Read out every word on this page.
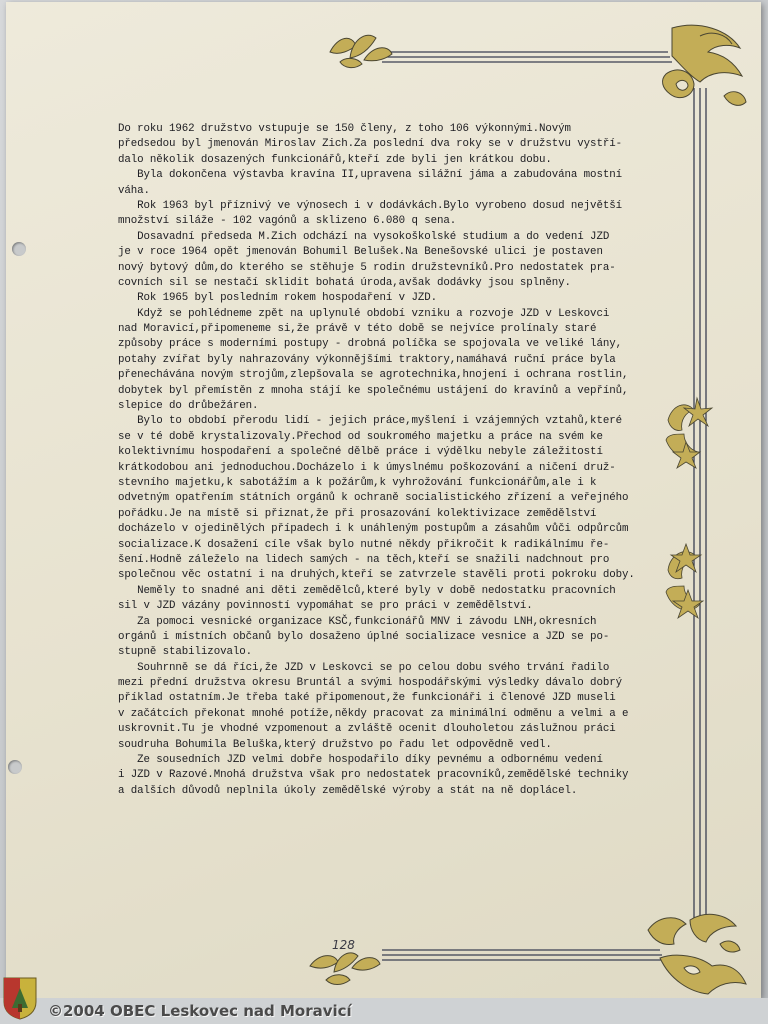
Do roku 1962 družstvo vstupuje se 150 členy, z toho 106 výkonnými.Novým
předsedou byl jmenován Miroslav Zich.Za poslední dva roky se v družstvu vystří-
dalo několik dosazených funkcionářů,kteří zde byli jen krátkou dobu.
Byla dokončena výstavba kravína II,upravena silážní jáma a zabudována mostní
váha.
Rok 1963 byl příznivý ve výnosech i v dodávkách.Bylo vyrobeno dosud největší
množství siláže - 102 vagónů a sklizeno 6.080 q sena.
Dosavadní předseda M.Zich odchází na vysokoškolské studium a do vedení JZD
je v roce 1964 opět jmenován Bohumil Belušek.Na Benešovské ulici je postaven
nový bytový dům,do kterého se stěhuje 5 rodin družstevníků.Pro nedostatek pra-
covních sil se nestačí sklidit bohatá úroda,avšak dodávky jsou splněny.
Rok 1965 byl posledním rokem hospodaření v JZD.
Když se pohlédneme zpět na uplynulé období vzniku a rozvoje JZD v Leskovci
nad Moravicí,připomeneme si,že právě v této době se nejvíce prolínaly staré
způsoby práce s moderními postupy - drobná políčka se spojovala ve veliké lány,
potahy zvířat byly nahrazovány výkonnějšími traktory,namáhavá ruční práce byla
přenechávána novým strojům,zlepšovala se agrotechnika,hnojení i ochrana rostlin,
dobytek byl přemístěn z mnoha stájí ke společnému ustájení do kravínů a vepřínů,
slepice do drůbežáren.
Bylo to období přerodu lidí - jejich práce,myšlení i vzájemných vztahů,které
se v té době krystalizovaly.Přechod od soukromého majetku a práce na svém ke
kolektivnímu hospodaření a společné dělbě práce i výdělku nebyle záležitostí
krátkodobou ani jednoduchou.Docházelo i k úmyslnému poškozování a ničení druž-
stevního majetku,k sabotážím a k požárům,k vyhrožování funkcionářům,ale i k
odvetným opatřením státních orgánů k ochraně socialistického zřízení a veřejného
pořádku.Je na místě si přiznat,že při prosazování kolektivizace zemědělství
docházelo v ojedinělých případech i k unáhleným postupům a zásahům vůči odpůrcům
socializace.K dosažení cíle však bylo nutné někdy přikročit k radikálnímu ře-
šení.Hodně záleželo na lidech samých - na těch,kteří se snažili nadchnout pro
společnou věc ostatní i na druhých,kteří se zatvrzele stavěli proti pokroku doby.
Neměly to snadné ani děti zemědělců,které byly v době nedostatku pracovních
sil v JZD vázány povinností vypomáhat se pro práci v zemědělství.
Za pomoci vesnické organizace KSČ,funkcionářů MNV i závodu LNH,okresních
orgánů i místních občanů bylo dosaženo úplné socializace vesnice a JZD se po-
stupně stabilizovalo.
Souhrnně se dá říci,že JZD v Leskovci se po celou dobu svého trvání řadilo
mezi přední družstva okresu Bruntál a svými hospodářskými výsledky dávalo dobrý
příklad ostatním.Je třeba také připomenout,že funkcionáři i členové JZD museli
v začátcích překonat mnohé potíže,někdy pracovat za minimální odměnu a velmi a e
uskrovnit.Tu je vhodné vzpomenout a zvláště ocenit dlouholetou záslužnou práci
soudruha Bohumila Beluška,který družstvo po řadu let odpovědně vedl.
Ze sousedních JZD velmi dobře hospodařilo díky pevnému a odbornému vedení
i JZD v Razové.Mnohá družstva však pro nedostatek pracovníků,zemědělské techniky
a dalších důvodů neplnila úkoly zemědělské výroby a stát na ně doplácel.
128
©2004 OBEC Leskovec nad Moravicí
